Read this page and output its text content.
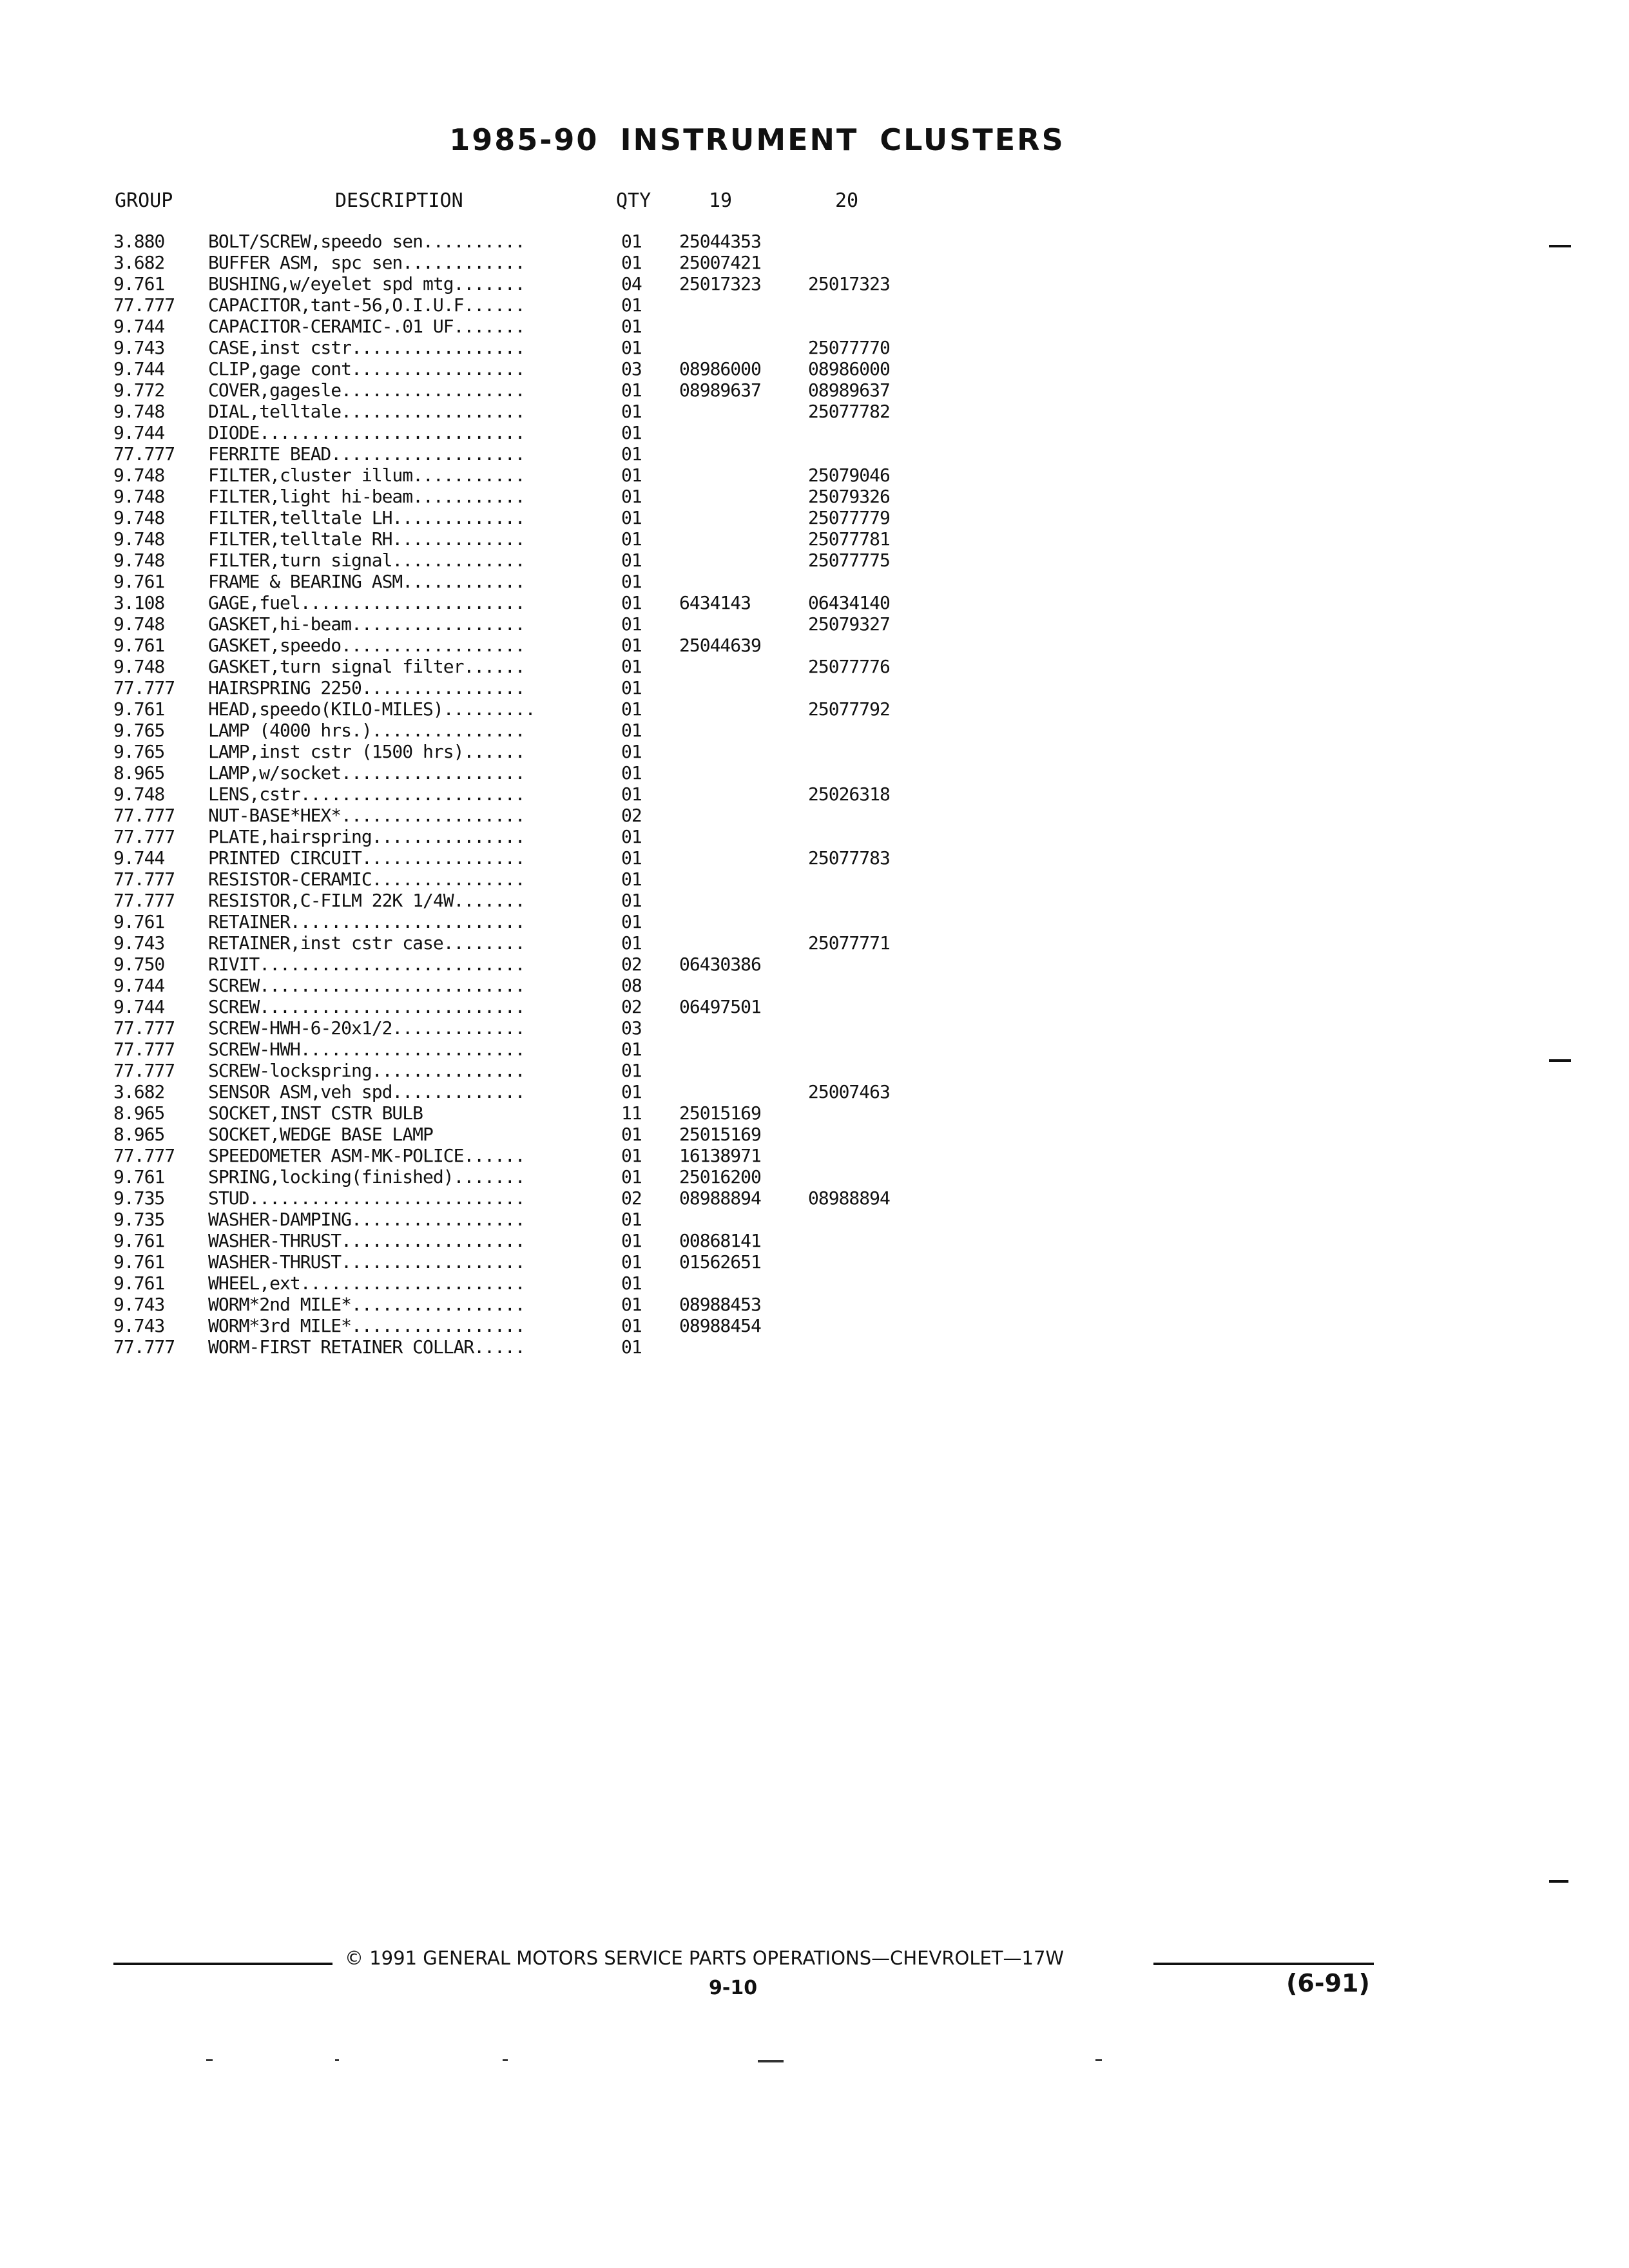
1985-90 INSTRUMENT CLUSTERS
GROUP	DESCRIPTION	QTY	19	20
3.880	BOLT/SCREW,speedo sen..........	01	25044353	
3.682	BUFFER ASM, spc sen............	01	25007421	
9.761	BUSHING,w/eyelet spd mtg.......	04	25017323	25017323
77.777	CAPACITOR,tant-56,O.I.U.F......	01		
9.744	CAPACITOR-CERAMIC-.01 UF.......	01		
9.743	CASE,inst cstr.................	01		25077770
9.744	CLIP,gage cont.................	03	08986000	08986000
9.772	COVER,gagesle..................	01	08989637	08989637
9.748	DIAL,telltale..................	01		25077782
9.744	DIODE..........................	01		
77.777	FERRITE BEAD...................	01		
9.748	FILTER,cluster illum...........	01		25079046
9.748	FILTER,light hi-beam...........	01		25079326
9.748	FILTER,telltale LH.............	01		25077779
9.748	FILTER,telltale RH.............	01		25077781
9.748	FILTER,turn signal.............	01		25077775
9.761	FRAME & BEARING ASM............	01		
3.108	GAGE,fuel......................	01	6434143	06434140
9.748	GASKET,hi-beam.................	01		25079327
9.761	GASKET,speedo..................	01	25044639	
9.748	GASKET,turn signal filter......	01		25077776
77.777	HAIRSPRING 2250................	01		
9.761	HEAD,speedo(KILO-MILES).........	01		25077792
9.765	LAMP (4000 hrs.)...............	01		
9.765	LAMP,inst cstr (1500 hrs)......	01		
8.965	LAMP,w/socket..................	01		
9.748	LENS,cstr......................	01		25026318
77.777	NUT-BASE*HEX*..................	02		
77.777	PLATE,hairspring...............	01		
9.744	PRINTED CIRCUIT................	01		25077783
77.777	RESISTOR-CERAMIC...............	01		
77.777	RESISTOR,C-FILM 22K 1/4W.......	01		
9.761	RETAINER.......................	01		
9.743	RETAINER,inst cstr case........	01		25077771
9.750	RIVIT..........................	02	06430386	
9.744	SCREW..........................	08		
9.744	SCREW..........................	02	06497501	
77.777	SCREW-HWH-6-20x1/2.............	03		
77.777	SCREW-HWH......................	01		
77.777	SCREW-lockspring...............	01		
3.682	SENSOR ASM,veh spd.............	01		25007463
8.965	SOCKET,INST CSTR BULB	11	25015169	
8.965	SOCKET,WEDGE BASE LAMP	01	25015169	
77.777	SPEEDOMETER ASM-MK-POLICE......	01	16138971	
9.761	SPRING,locking(finished).......	01	25016200	
9.735	STUD...........................	02	08988894	08988894
9.735	WASHER-DAMPING.................	01		
9.761	WASHER-THRUST..................	01	00868141	
9.761	WASHER-THRUST..................	01	01562651	
9.761	WHEEL,ext......................	01		
9.743	WORM*2nd MILE*.................	01	08988453	
9.743	WORM*3rd MILE*.................	01	08988454	
77.777	WORM-FIRST RETAINER COLLAR.....	01		
© 1991 GENERAL MOTORS SERVICE PARTS OPERATIONS—CHEVROLET—17W
9-10	(6-91)
